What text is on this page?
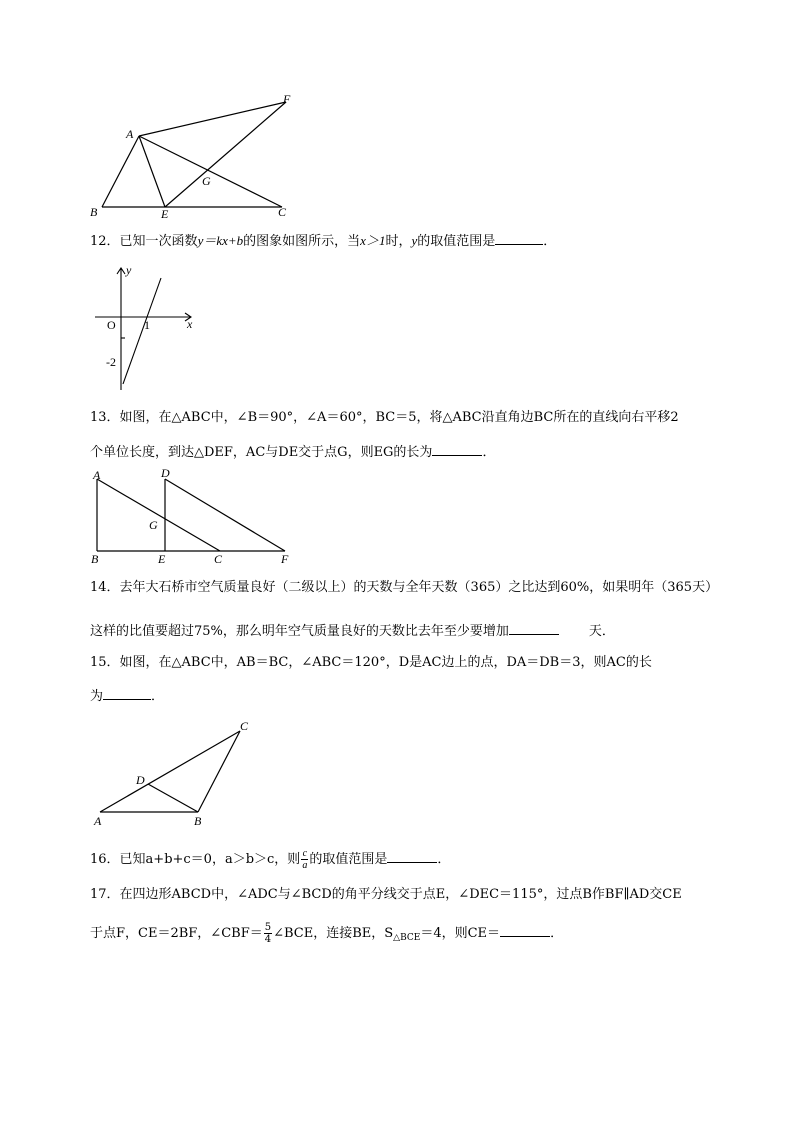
A
B	C
E
F
G
12．已知一次函数y＝kx+b的图象如图所示，当x＞1时，y的取值范围是	．
y
x
O 1
-2
13．如图，在△ABC中，∠B＝90°，∠A＝60°，BC＝5，将△ABC沿直角边BC所在的直线向右平移2
个单位长度，到达△DEF，AC与DE交于点G，则EG的长为	．
A
B
G
E	C
D
F
14．去年大石桥市空气质量良好（二级以上）的天数与全年天数（365）之比达到60%，如果明年（365天）
这样的比值要超过75%，那么明年空气质量良好的天数比去年至少要增加	天．
15．如图，在△ABC中，AB＝BC，∠ABC＝120°，D是AC边上的点，DA＝DB＝3，则AC的长
为	．
C
D
A	B
16．已知a+b+c＝0，a＞b＞c，则 $\frac{c}{a}$ 的取值范围是	．
17．在四边形ABCD中，∠ADC与∠BCD的角平分线交于点E，∠DEC＝115°，过点B作BF∥AD交CE
于点F，CE＝2BF，∠CBF＝ $\frac{5}{4}$ ∠BCE，连接BE，$S_{\triangle BCE}=4$，则CE＝	．
